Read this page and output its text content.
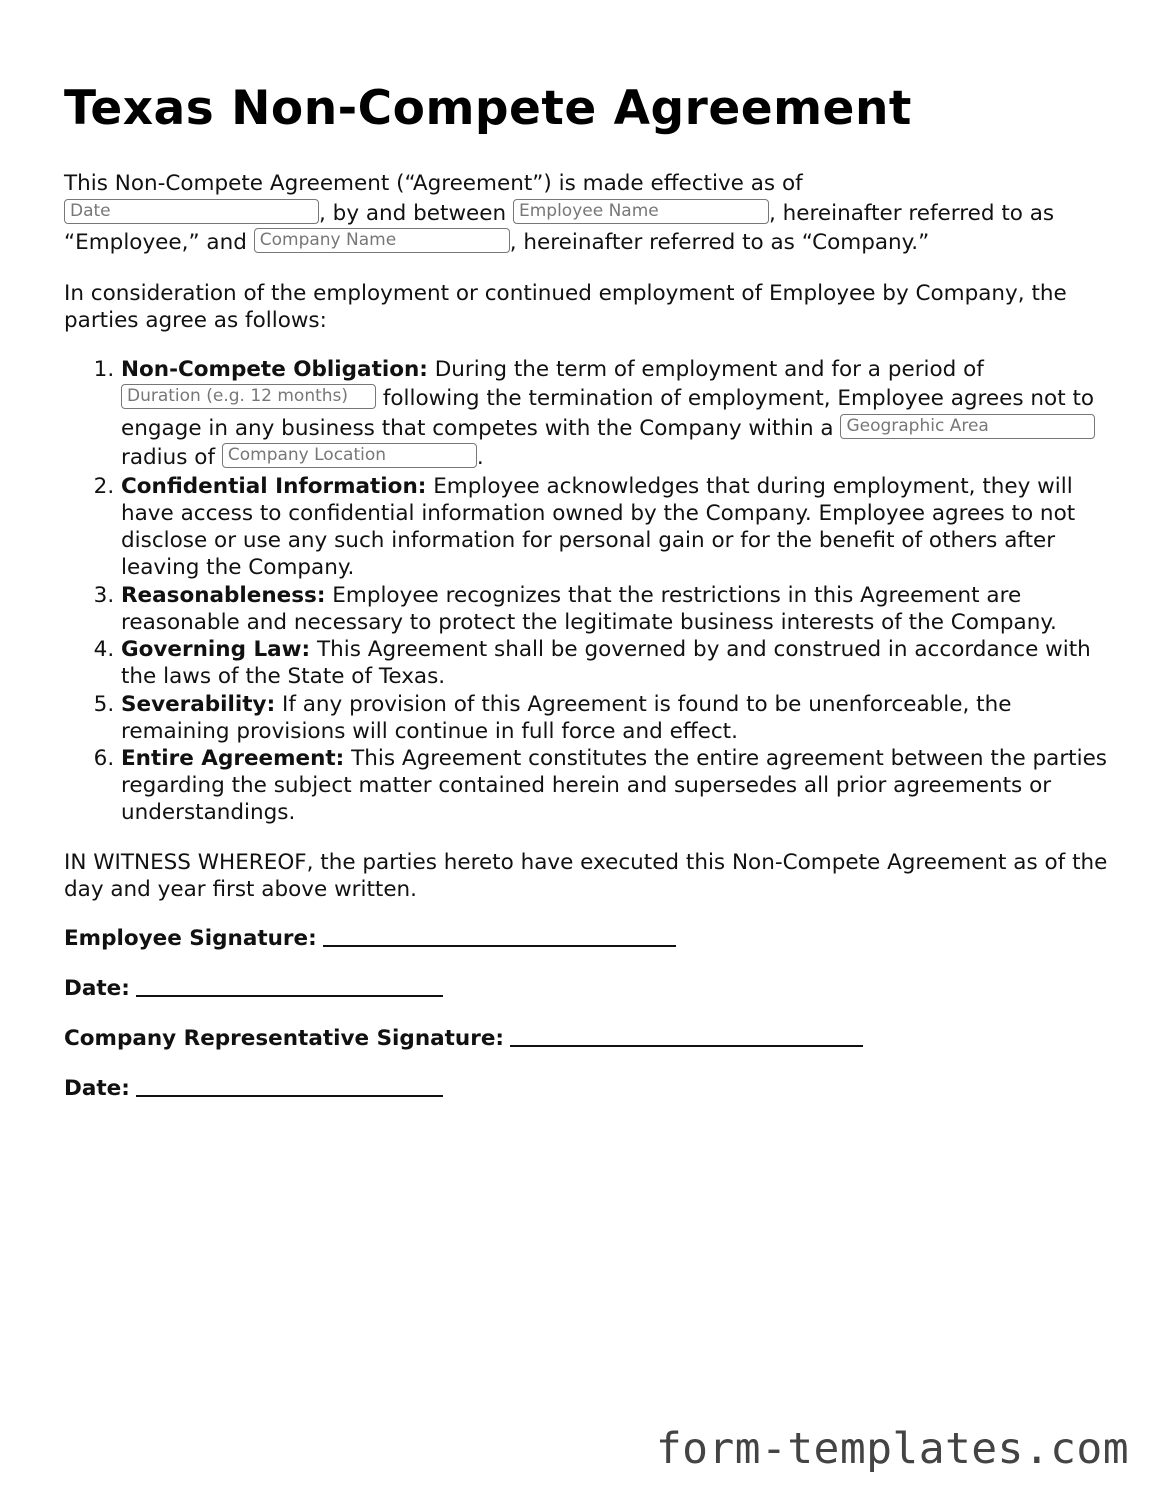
Texas Non-Compete Agreement

This Non-Compete Agreement (“Agreement”) is made effective as of
Date	, by and between Employee Name	, hereinafter referred to as “Employee,” and Company Name	, hereinafter referred to as “Company.”

In consideration of the employment or continued employment of Employee by Company, the parties agree as follows:

1. Non-Compete Obligation: During the term of employment and for a period of
Duration (e.g. 12 months) following the termination of employment, Employee agrees not to engage in any business that competes with the Company within a Geographic Area radius of Company Location	.
2. Confidential Information: Employee acknowledges that during employment, they will have access to confidential information owned by the Company. Employee agrees to not disclose or use any such information for personal gain or for the benefit of others after leaving the Company.
3. Reasonableness: Employee recognizes that the restrictions in this Agreement are reasonable and necessary to protect the legitimate business interests of the Company.
4. Governing Law: This Agreement shall be governed by and construed in accordance with the laws of the State of Texas.
5. Severability: If any provision of this Agreement is found to be unenforceable, the remaining provisions will continue in full force and effect.
6. Entire Agreement: This Agreement constitutes the entire agreement between the parties regarding the subject matter contained herein and supersedes all prior agreements or understandings.

IN WITNESS WHEREOF, the parties hereto have executed this Non-Compete Agreement as of the day and year first above written.

Employee Signature:

Date:

Company Representative Signature:

Date:

form-templates.com
